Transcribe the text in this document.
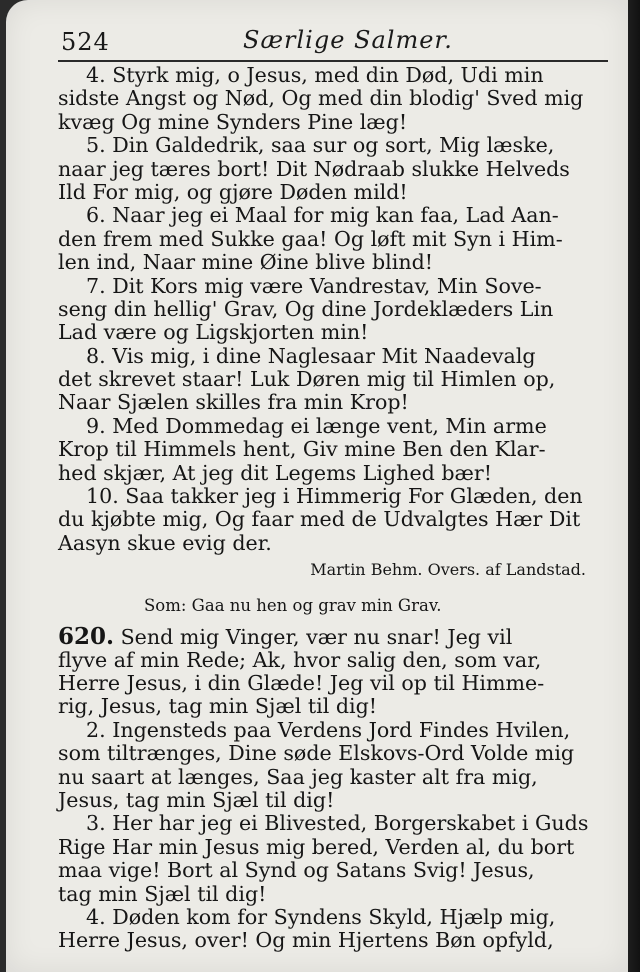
524	Særlige Salmer.
4. Styrk mig, o Jesus, med din Død, Udi min
sidste Angst og Nød, Og med din blodig' Sved mig
kvæg Og mine Synders Pine læg!
5. Din Galdedrik, saa sur og sort, Mig læske,
naar jeg tæres bort! Dit Nødraab slukke Helveds
Ild For mig, og gjøre Døden mild!
6. Naar jeg ei Maal for mig kan faa, Lad Aan-
den frem med Sukke gaa! Og løft mit Syn i Him-
len ind, Naar mine Øine blive blind!
7. Dit Kors mig være Vandrestav, Min Sove-
seng din hellig' Grav, Og dine Jordeklæders Lin
Lad være og Ligskjorten min!
8. Vis mig, i dine Naglesaar Mit Naadevalg
det skrevet staar! Luk Døren mig til Himlen op,
Naar Sjælen skilles fra min Krop!
9. Med Dommedag ei længe vent, Min arme
Krop til Himmels hent, Giv mine Ben den Klar-
hed skjær, At jeg dit Legems Lighed bær!
10. Saa takker jeg i Himmerig For Glæden, den
du kjøbte mig, Og faar med de Udvalgtes Hær Dit
Aasyn skue evig der.
Martin Behm. Overs. af Landstad.
Som: Gaa nu hen og grav min Grav.
620. Send mig Vinger, vær nu snar! Jeg vil
flyve af min Rede; Ak, hvor salig den, som var,
Herre Jesus, i din Glæde! Jeg vil op til Himme-
rig, Jesus, tag min Sjæl til dig!
2. Ingensteds paa Verdens Jord Findes Hvilen,
som tiltrænges, Dine søde Elskovs-Ord Volde mig
nu saart at længes, Saa jeg kaster alt fra mig,
Jesus, tag min Sjæl til dig!
3. Her har jeg ei Blivested, Borgerskabet i Guds
Rige Har min Jesus mig bered, Verden al, du bort
maa vige! Bort al Synd og Satans Svig! Jesus,
tag min Sjæl til dig!
4. Døden kom for Syndens Skyld, Hjælp mig,
Herre Jesus, over! Og min Hjertens Bøn opfyld,
